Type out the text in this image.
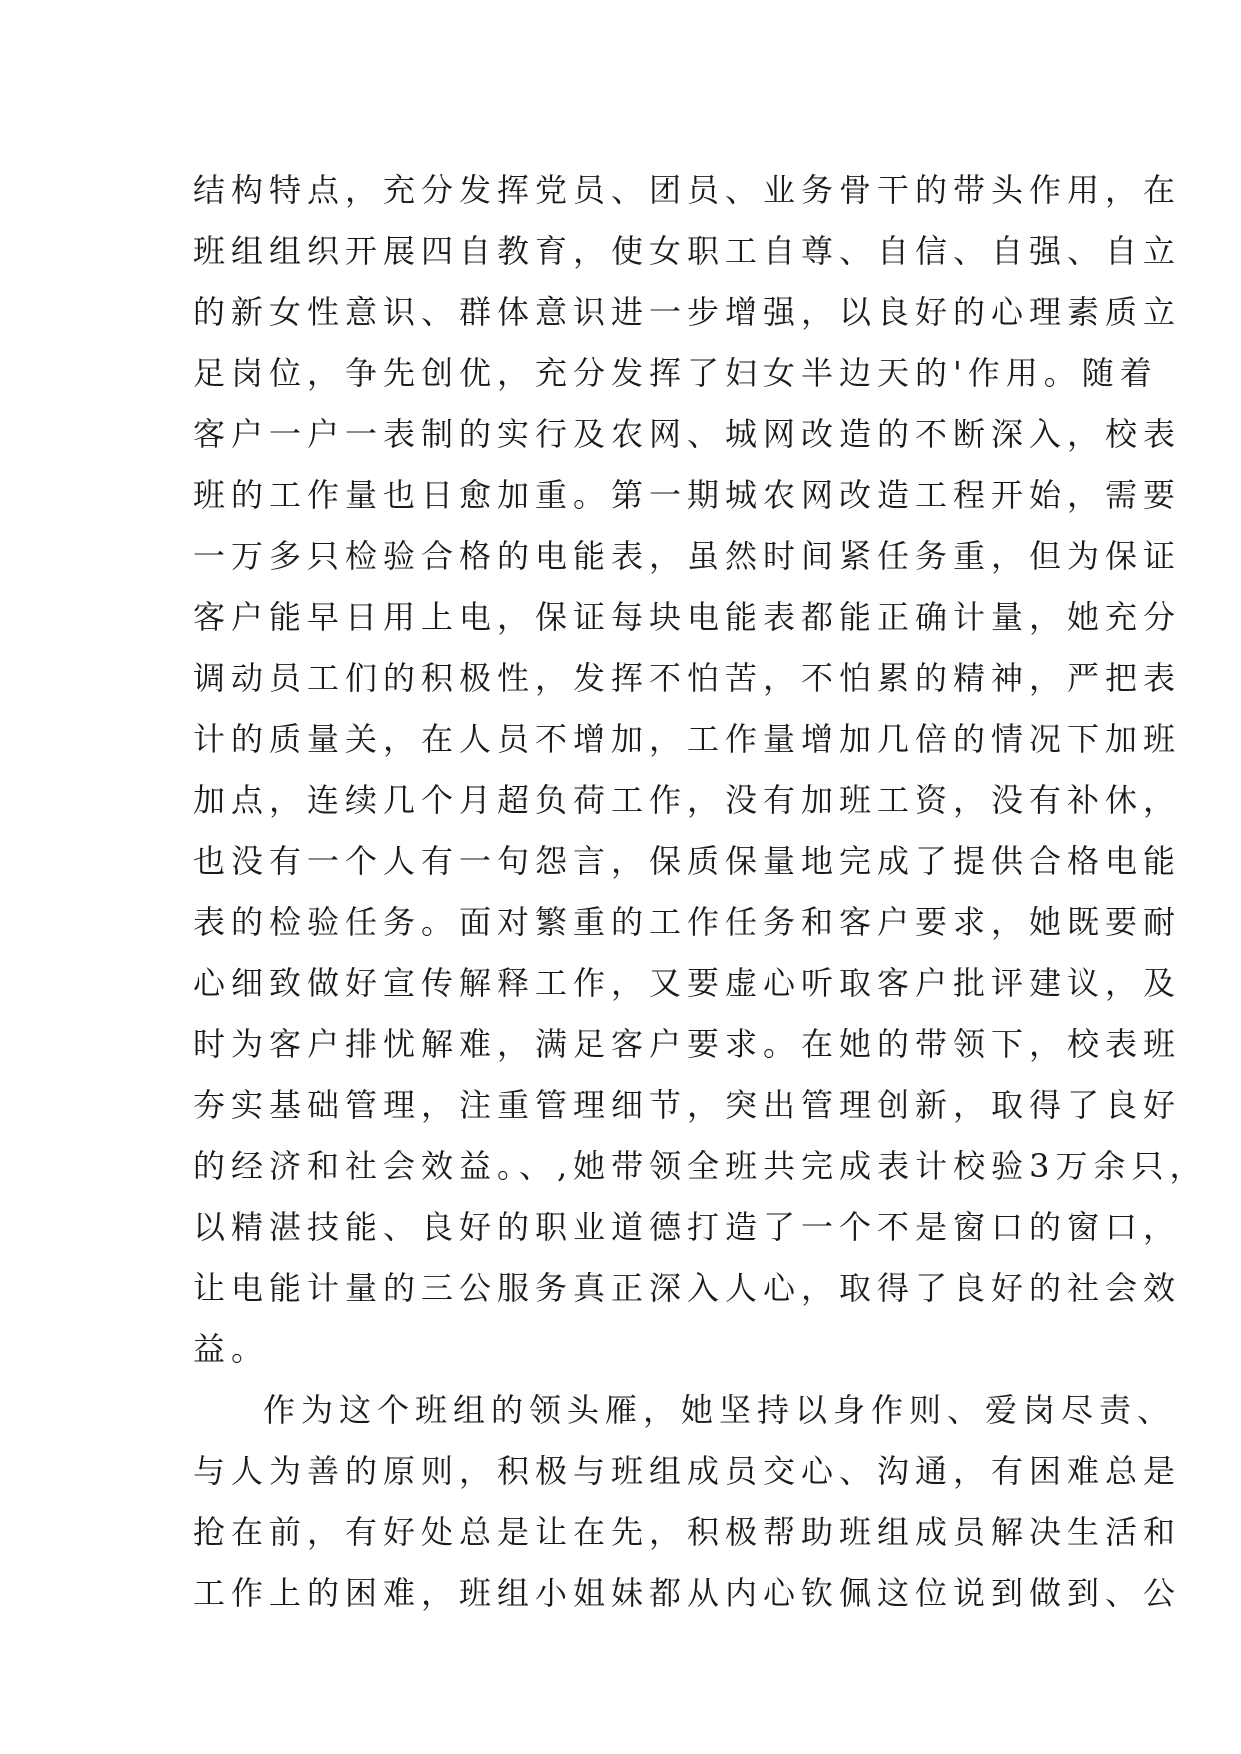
结构特点，充分发挥党员、团员、业务骨干的带头作用，在
班组组织开展四自教育，使女职工自尊、自信、自强、自立
的新女性意识、群体意识进一步增强，以良好的心理素质立
足岗位，争先创优，充分发挥了妇女半边天的'作用。随着
客户一户一表制的实行及农网、城网改造的不断深入，校表
班的工作量也日愈加重。第一期城农网改造工程开始，需要
一万多只检验合格的电能表，虽然时间紧任务重，但为保证
客户能早日用上电，保证每块电能表都能正确计量，她充分
调动员工们的积极性，发挥不怕苦，不怕累的精神，严把表
计的质量关，在人员不增加，工作量增加几倍的情况下加班
加点，连续几个月超负荷工作，没有加班工资，没有补休，
也没有一个人有一句怨言，保质保量地完成了提供合格电能
表的检验任务。面对繁重的工作任务和客户要求，她既要耐
心细致做好宣传解释工作，又要虚心听取客户批评建议，及
时为客户排忧解难，满足客户要求。在她的带领下，校表班
夯实基础管理，注重管理细节，突出管理创新，取得了良好
的经济和社会效益。、,她带领全班共完成表计校验3万余只，
以精湛技能、良好的职业道德打造了一个不是窗口的窗口，
让电能计量的三公服务真正深入人心，取得了良好的社会效
益。
作为这个班组的领头雁，她坚持以身作则、爱岗尽责、
与人为善的原则，积极与班组成员交心、沟通，有困难总是
抢在前，有好处总是让在先，积极帮助班组成员解决生活和
工作上的困难，班组小姐妹都从内心钦佩这位说到做到、公
